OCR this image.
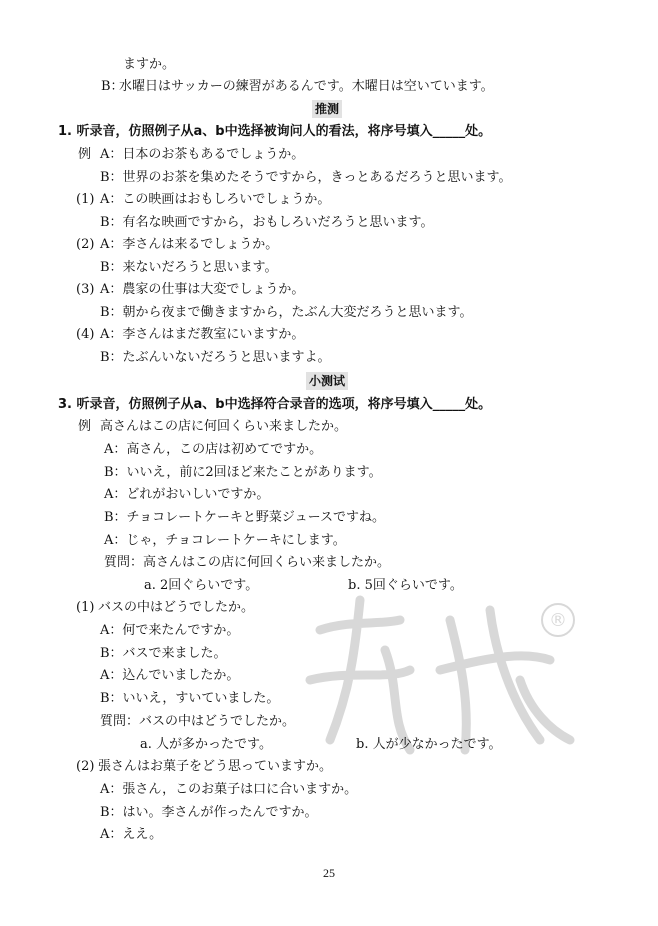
ますか。
B：水曜日はサッカーの練習があるんです。木曜日は空いています。
推测
1. 听录音，仿照例子从a、b中选择被询问人的看法，将序号填入_____处。
例 A：日本のお茶もあるでしょうか。
B：世界のお茶を集めたそうですから，きっとあるだろうと思います。
(1) A：この映画はおもしろいでしょうか。
B：有名な映画ですから，おもしろいだろうと思います。
(2) A：李さんは来るでしょうか。
B：来ないだろうと思います。
(3) A：農家の仕事は大変でしょうか。
B：朝から夜まで働きますから，たぶん大変だろうと思います。
(4) A：李さんはまだ教室にいますか。
B：たぶんいないだろうと思いますよ。
小测试
3. 听录音，仿照例子从a、b中选择符合录音的选项，将序号填入_____处。
例 高さんはこの店に何回くらい来ましたか。
A：高さん，この店は初めてですか。
B：いいえ，前に2回ほど来たことがあります。
A：どれがおいしいですか。
B：チョコレートケーキと野菜ジュースですね。
A：じゃ，チョコレートケーキにします。
質問：高さんはこの店に何回くらい来ましたか。
a. 2回ぐらいです。	b. 5回ぐらいです。
(1) バスの中はどうでしたか。
A：何で来たんですか。
B：バスで来ました。
A：込んでいましたか。
B：いいえ，すいていました。
質問：バスの中はどうでしたか。
a. 人が多かったです。	b. 人が少なかったです。
(2) 張さんはお菓子をどう思っていますか。
A：張さん，このお菓子は口に合いますか。
B：はい。李さんが作ったんですか。
A：ええ。
®
25
